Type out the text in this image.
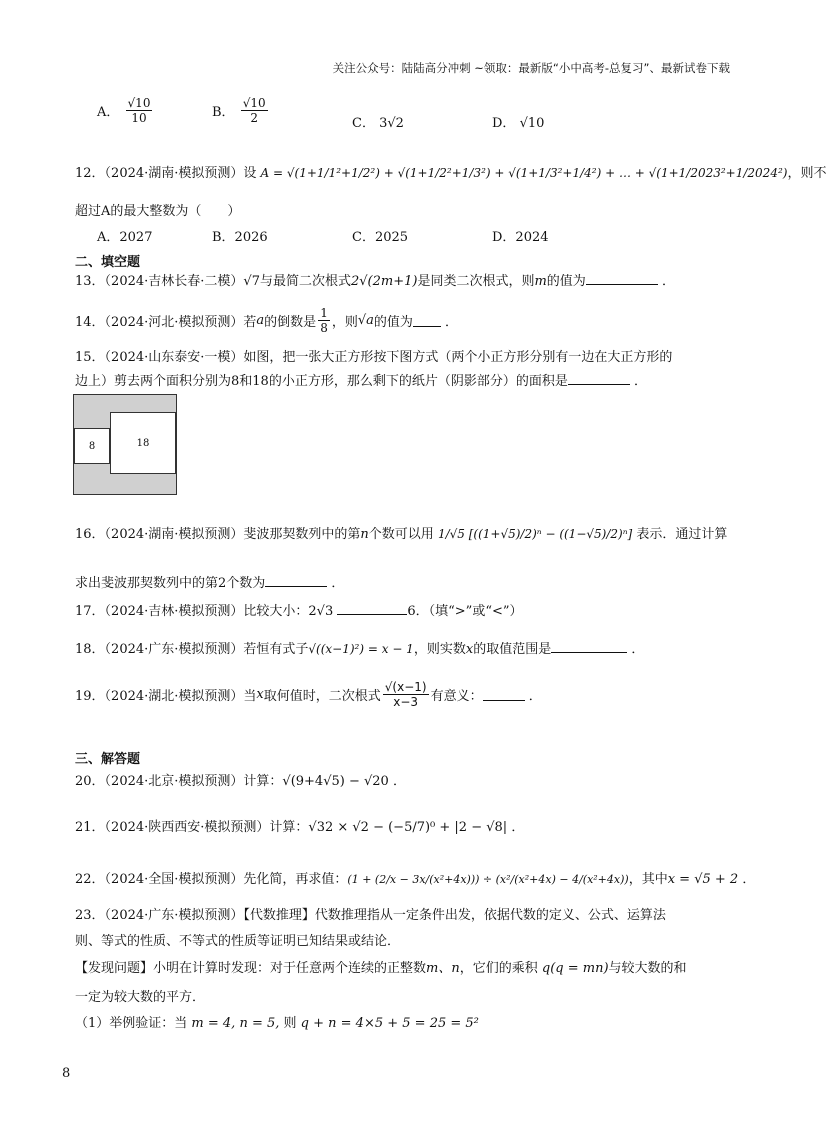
关注公众号：陆陆高分冲刺 ~领取：最新版“小中高考-总复习”、最新试卷下载
A． $\frac{√10}{10}$	B． $\frac{√10}{2}$	C． 3√2	D． √10
12．（2024·湖南·模拟预测）设 A = √(1+1/1²+1/2²) + √(1+1/2²+1/3²) + √(1+1/3²+1/4²) + … + √(1+1/2023²+1/2024²)，则不
超过A的最大整数为（　　）
A．2027	B．2026	C．2025	D．2024
二、填空题
13．（2024·吉林长春·二模）√7与最简二次根式2√(2m+1)是同类二次根式，则m的值为	．
14．（2024·河北·模拟预测）若a的倒数是 $\frac{1}{8}$ ，则√a的值为 ．
15．（2024·山东泰安·一模）如图，把一张大正方形按下图方式（两个小正方形分别有一边在大正方形的
边上）剪去两个面积分别为8和18的小正方形，那么剩下的纸片（阴影部分）的面积是	．
8	18
16．（2024·湖南·模拟预测）斐波那契数列中的第n个数可以用 1/√5 [((1+√5)/2)ⁿ − ((1−√5)/2)ⁿ] 表示．通过计算
求出斐波那契数列中的第2个数为	．
17．（2024·吉林·模拟预测）比较大小：2√3	6．（填“>”或“<”）
18．（2024·广东·模拟预测）若恒有式子√((x−1)²) = x − 1，则实数x的取值范围是	．
19．（2024·湖北·模拟预测）当x取何值时，二次根式 $\frac{√(x-1)}{x-3}$ 有意义：	．
三、解答题
20．（2024·北京·模拟预测）计算：√(9+4√5) − √20 ．
21．（2024·陕西西安·模拟预测）计算：√32 × √2 − (−5/7)⁰ + |2 − √8| ．
22．（2024·全国·模拟预测）先化简，再求值：(1 + (2/x − 3x/(x²+4x))) ÷ (x²/(x²+4x) − 4/(x²+4x))，其中x = √5 + 2 ．
23．（2024·广东·模拟预测）【代数推理】代数推理指从一定条件出发，依据代数的定义、公式、运算法
则、等式的性质、不等式的性质等证明已知结果或结论．
【发现问题】小明在计算时发现：对于任意两个连续的正整数m、n，它们的乘积 q(q = mn)与较大数的和
一定为较大数的平方．
（1）举例验证：当 m = 4, n = 5, 则 q + n = 4×5 + 5 = 25 = 5²
8
